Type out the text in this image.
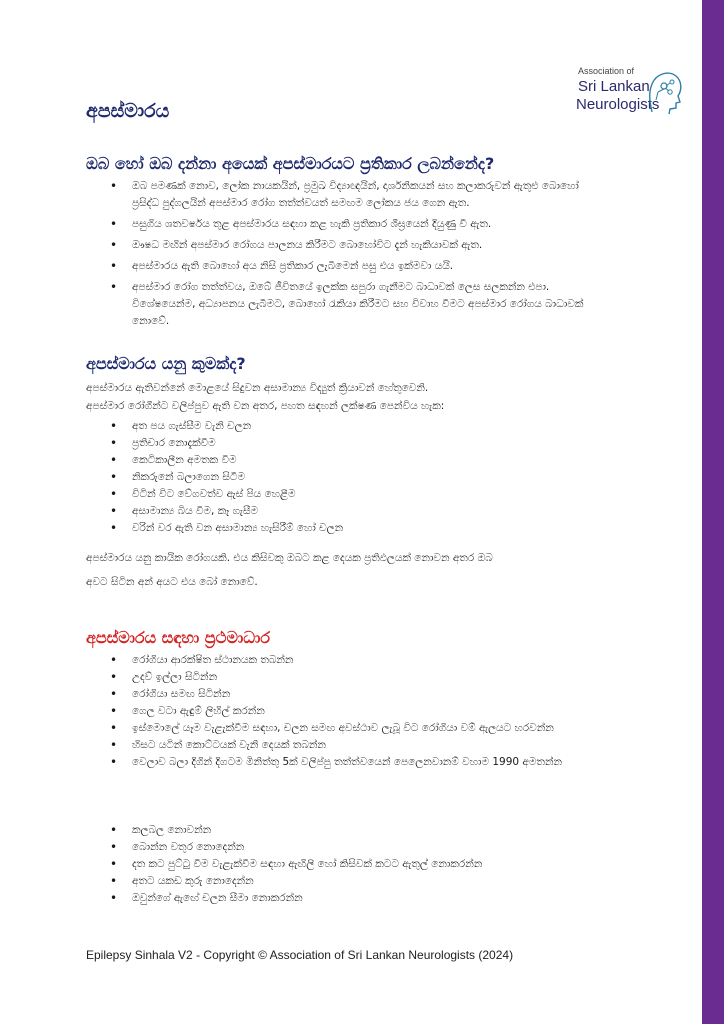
Association of
Sri Lankan
Neurologists
අපස්මාරය
ඔබ හෝ ඔබ දන්නා අයෙක් අපස්මාරයට ප්‍රතිකාර ලබන්නේද?
• ඔබ පමණක් නොව, ලෝක නායකයින්, ප්‍රමුඛ විද්‍යාඥයින්, දාර්ශනිකයන් සහ කලාකරුවන් ඇතුළු බොහෝ ප්‍රසිද්ධ පුද්ගලයින් අපස්මාර රෝග තත්ත්වයත් සමඟම ලෝකය ජය ගෙන ඇත.
• පසුගිය ශතවර්ෂය තුළ අපස්මාරය සඳහා කළ හැකි ප්‍රතිකාර ශීඝ්‍රයෙන් දියුණු වී ඇත.
• ඖෂධ මඟින් අපස්මාර රෝගය පාලනය කිරීමට බොහෝවිට දැන් හැකියාවක් ඇත.
• අපස්මාරය ඇති බොහෝ අය නිසි ප්‍රතිකාර ලැබීමෙන් පසු එය ඉක්මවා යයි.
• අපස්මාර රෝග තත්ත්වය, ඔබේ ජීවිතයේ ඉලක්ක සපුරා ගැනීමට බාධාවක් ලෙස සලකන්න එපා. විශේෂයෙන්ම, අධ්‍යාපනය ලැබීමට, බොහෝ රැකියා කිරීමට සහ විවාහ වීමට අපස්මාර රෝගය බාධාවක් නොවේ.
අපස්මාරය යනු කුමක්ද?

අපස්මාරය ඇතිවන්නේ මොළයේ සිදුවන අසාමාන්‍ය විද්‍යුත් ක්‍රියාවන් හේතුවෙනි.

අපස්මාර රෝගීන්ට වලිප්පුව ඇති වන අතර, පහත සඳහන් ලක්ෂණ පෙන්විය හැක:

• අත පය ගැස්සීම වැනි චලන
• ප්‍රතිචාර නොදැක්වීම
• කෙටිකාලීන අමතක වීම
• නිකරුනේ බලාගෙන සිටීම
• විටින් විට වේගවත්ව ඇස් පිය හෙළීම
• අසාමාන්‍ය බිය වීම, කෑ ගැසීම
• වරින් වර ඇති වන අසාමාන්‍ය හැසිරීම් හෝ චලන

අපස්මාරය යනු කායික රෝගයකි. එය කිසිවකු ඔබට කළ දෙයක ප්‍රතිඵලයක් නොවන අතර ඔබ

අවට සිටින අන් අයට එය බෝ නොවේ.

අපස්මාරය සඳහා ප්‍රථමාධාර
• රෝගියා ආරක්ෂිත ස්ථානයක තබන්න
• උදව් ඉල්ලා සිටින්න
• රෝගියා සමඟ සිටින්න
• ගෙල වටා ඇඳුම් ලිහිල් කරන්න
• ඉස්මොලේ යෑම වැළැක්වීම සඳහා, චලන සමඟ අවස්ථාව ලැබූ විට රෝගියා වම් ඇලයට හරවන්න
• හිසට යටින් කොට්ටයක් වැනි දෙයක් තබන්න
• වෙලාව බලා දිගින් දිගටම මිනිත්තු 5ක් වලිප්පු තත්ත්වයෙන් පෙලෙනවානම් වහාම 1990 අමතන්න
• කලබල නොවන්න
• බොන්න වතුර නොදෙන්න
• දත කට පුට්ටු වීම වැළැක්වීම සඳහා ඇඟිලි හෝ කිසිවක් කටට ඇතුල් නොකරන්න
• අතට යකඩ කුරු නොදෙන්න
• ඔවුන්ගේ ඇඟේ චලන සීමා නොකරන්න
Epilepsy Sinhala V2 - Copyright © Association of Sri Lankan Neurologists (2024)
